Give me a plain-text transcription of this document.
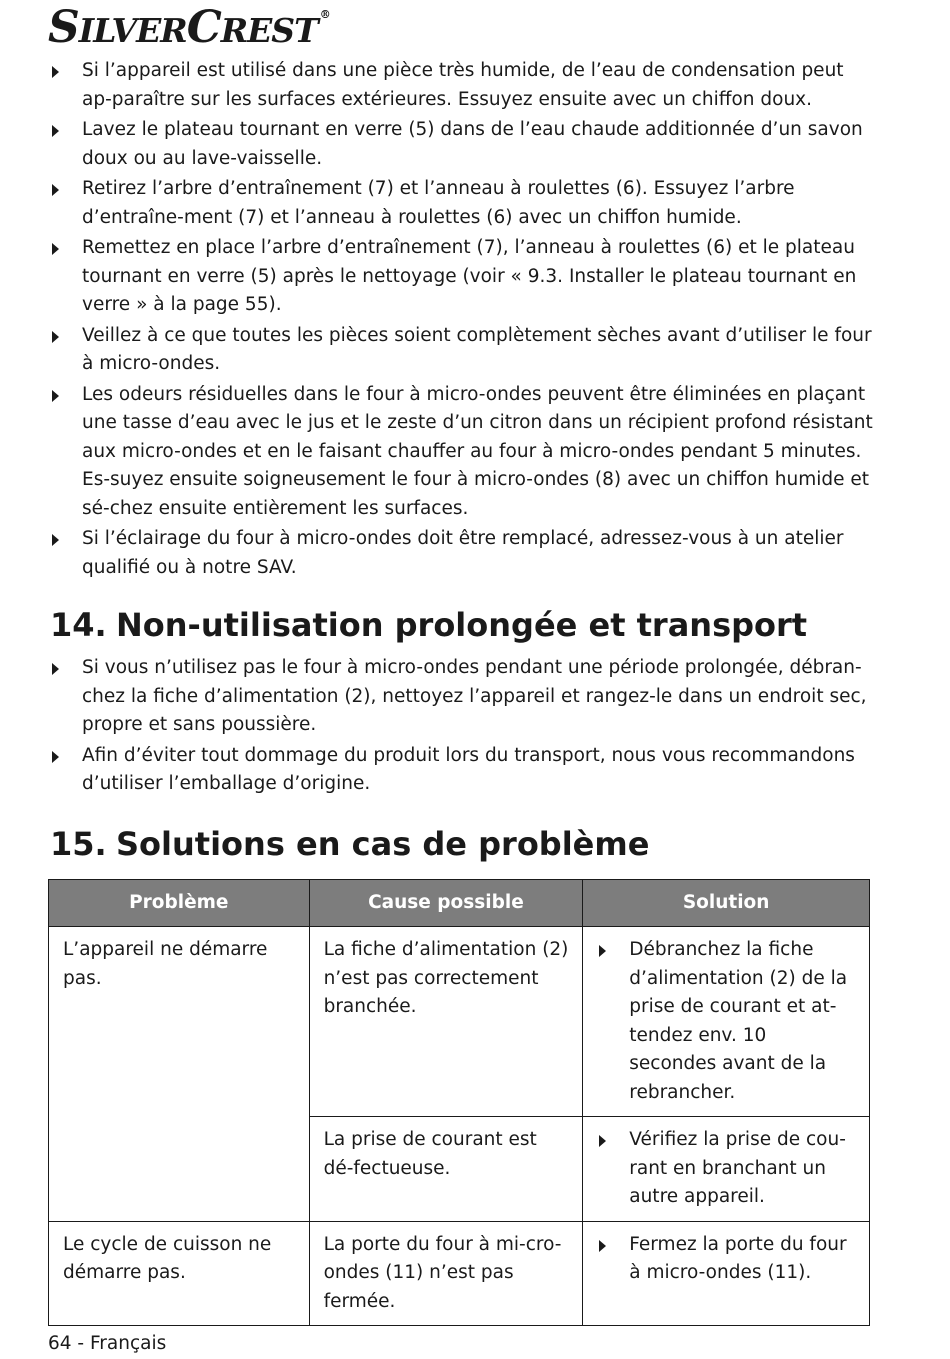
SILVERCREST ®
Si l’appareil est utilisé dans une pièce très humide, de l’eau de condensation peut ap-paraître sur les surfaces extérieures. Essuyez ensuite avec un chiffon doux.
Lavez le plateau tournant en verre (5) dans de l’eau chaude additionnée d’un savon doux ou au lave-vaisselle.
Retirez l’arbre d’entraînement (7) et l’anneau à roulettes (6). Essuyez l’arbre d’entraîne-ment (7) et l’anneau à roulettes (6) avec un chiffon humide.
Remettez en place l’arbre d’entraînement (7), l’anneau à roulettes (6) et le plateau tournant en verre (5) après le nettoyage (voir « 9.3. Installer le plateau tournant en verre » à la page 55).
Veillez à ce que toutes les pièces soient complètement sèches avant d’utiliser le four à micro-ondes.
Les odeurs résiduelles dans le four à micro-ondes peuvent être éliminées en plaçant une tasse d’eau avec le jus et le zeste d’un citron dans un récipient profond résistant aux micro-ondes et en le faisant chauffer au four à micro-ondes pendant 5 minutes. Es-suyez ensuite soigneusement le four à micro-ondes (8) avec un chiffon humide et sé-chez ensuite entièrement les surfaces.
Si l’éclairage du four à micro-ondes doit être remplacé, adressez-vous à un atelier qualifié ou à notre SAV.
14. Non-utilisation prolongée et transport
Si vous n’utilisez pas le four à micro-ondes pendant une période prolongée, débran-chez la fiche d’alimentation (2), nettoyez l’appareil et rangez-le dans un endroit sec, propre et sans poussière.
Afin d’éviter tout dommage du produit lors du transport, nous vous recommandons d’utiliser l’emballage d’origine.
15. Solutions en cas de problème
Problème	Cause possible	Solution
L’appareil ne démarre pas.	La fiche d’alimentation (2) n’est pas correctement branchée.	Débranchez la fiche d’alimentation (2) de la prise de courant et at-tendez env. 10 secondes avant de la rebrancher.

	La prise de courant est dé-fectueuse.	Vérifiez la prise de cou-rant en branchant un autre appareil.

Le cycle de cuisson ne démarre pas.	La porte du four à mi-cro-ondes (11) n’est pas fermée.	Fermez la porte du four à micro-ondes (11).
64 - Français
